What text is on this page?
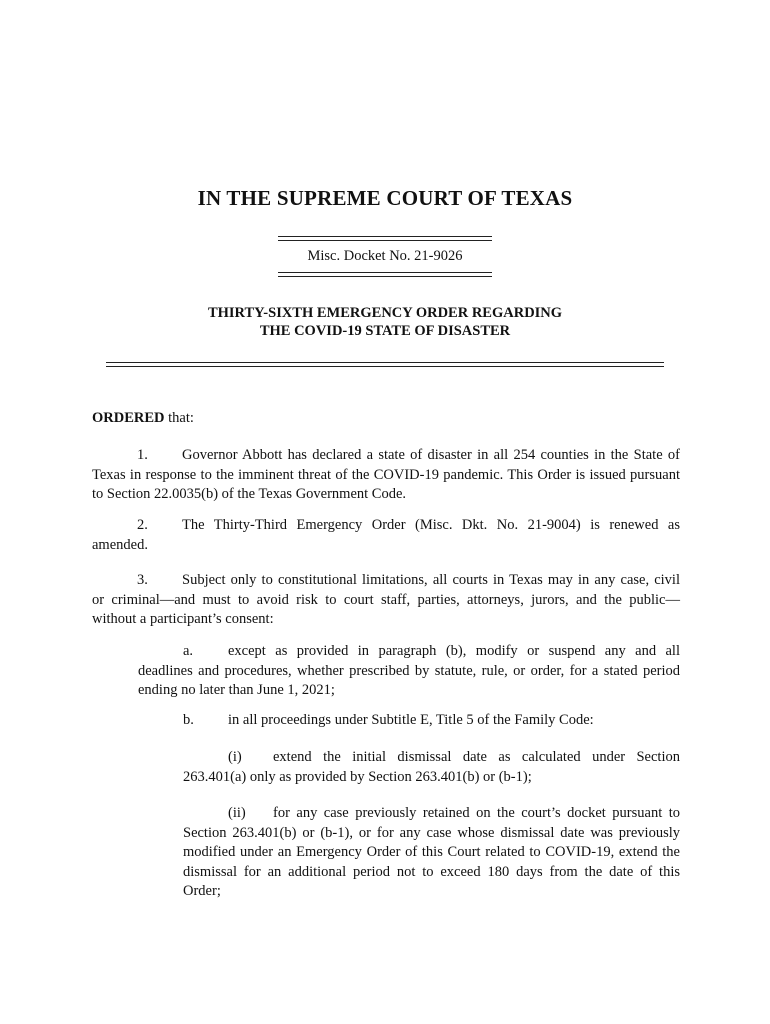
IN THE SUPREME COURT OF TEXAS
Misc. Docket No. 21-9026
THIRTY-SIXTH EMERGENCY ORDER REGARDING
THE COVID-19 STATE OF DISASTER
ORDERED that:
1. Governor Abbott has declared a state of disaster in all 254 counties in the State of
Texas in response to the imminent threat of the COVID-19 pandemic. This Order is issued pursuant
to Section 22.0035(b) of the Texas Government Code.
2. The Thirty-Third Emergency Order (Misc. Dkt. No. 21-9004) is renewed as
amended.
3. Subject only to constitutional limitations, all courts in Texas may in any case, civil
or criminal—and must to avoid risk to court staff, parties, attorneys, jurors, and the public—
without a participant’s consent:
a. except as provided in paragraph (b), modify or suspend any and all
deadlines and procedures, whether prescribed by statute, rule, or order, for a stated period
ending no later than June 1, 2021;
b. in all proceedings under Subtitle E, Title 5 of the Family Code:
(i) extend the initial dismissal date as calculated under Section
263.401(a) only as provided by Section 263.401(b) or (b-1);
(ii) for any case previously retained on the court’s docket pursuant to
Section 263.401(b) or (b-1), or for any case whose dismissal date was previously
modified under an Emergency Order of this Court related to COVID-19, extend the
dismissal for an additional period not to exceed 180 days from the date of this
Order;
